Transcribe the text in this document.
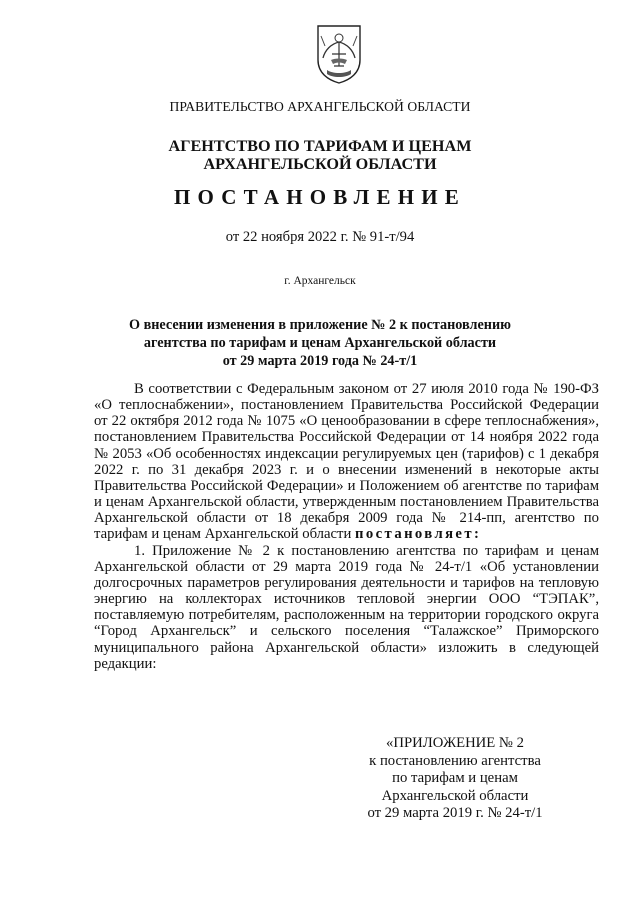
ПРАВИТЕЛЬСТВО АРХАНГЕЛЬСКОЙ ОБЛАСТИ
АГЕНТСТВО ПО ТАРИФАМ И ЦЕНАМ
АРХАНГЕЛЬСКОЙ ОБЛАСТИ
ПОСТАНОВЛЕНИЕ
от 22 ноября 2022 г. № 91-т/94
г. Архангельск
О внесении изменения в приложение № 2 к постановлению
агентства по тарифам и ценам Архангельской области
от 29 марта 2019 года № 24-т/1

В соответствии с Федеральным законом от 27 июля 2010 года № 190-ФЗ «О теплоснабжении», постановлением Правительства Российской Федерации от 22 октября 2012 года № 1075 «О ценообразовании в сфере теплоснабжения», постановлением Правительства Российской Федерации от 14 ноября 2022 года № 2053 «Об особенностях индексации регулируемых цен (тарифов) с 1 декабря 2022 г. по 31 декабря 2023 г. и о внесении изменений в некоторые акты Правительства Российской Федерации» и Положением об агентстве по тарифам и ценам Архангельской области, утвержденным постановлением Правительства Архангельской области от 18 декабря 2009 года № 214-пп, агентство по тарифам и ценам Архангельской области постановляет:

1. Приложение № 2 к постановлению агентства по тарифам и ценам Архангельской области от 29 марта 2019 года № 24-т/1 «Об установлении долгосрочных параметров регулирования деятельности и тарифов на тепловую энергию на коллекторах источников тепловой энергии ООО “ТЭПАК”, поставляемую потребителям, расположенным на территории городского округа “Город Архангельск” и сельского поселения “Талажское” Приморского муниципального района Архангельской области» изложить в следующей редакции:

«ПРИЛОЖЕНИЕ № 2
к постановлению агентства
по тарифам и ценам
Архангельской области
от 29 марта 2019 г. № 24-т/1
